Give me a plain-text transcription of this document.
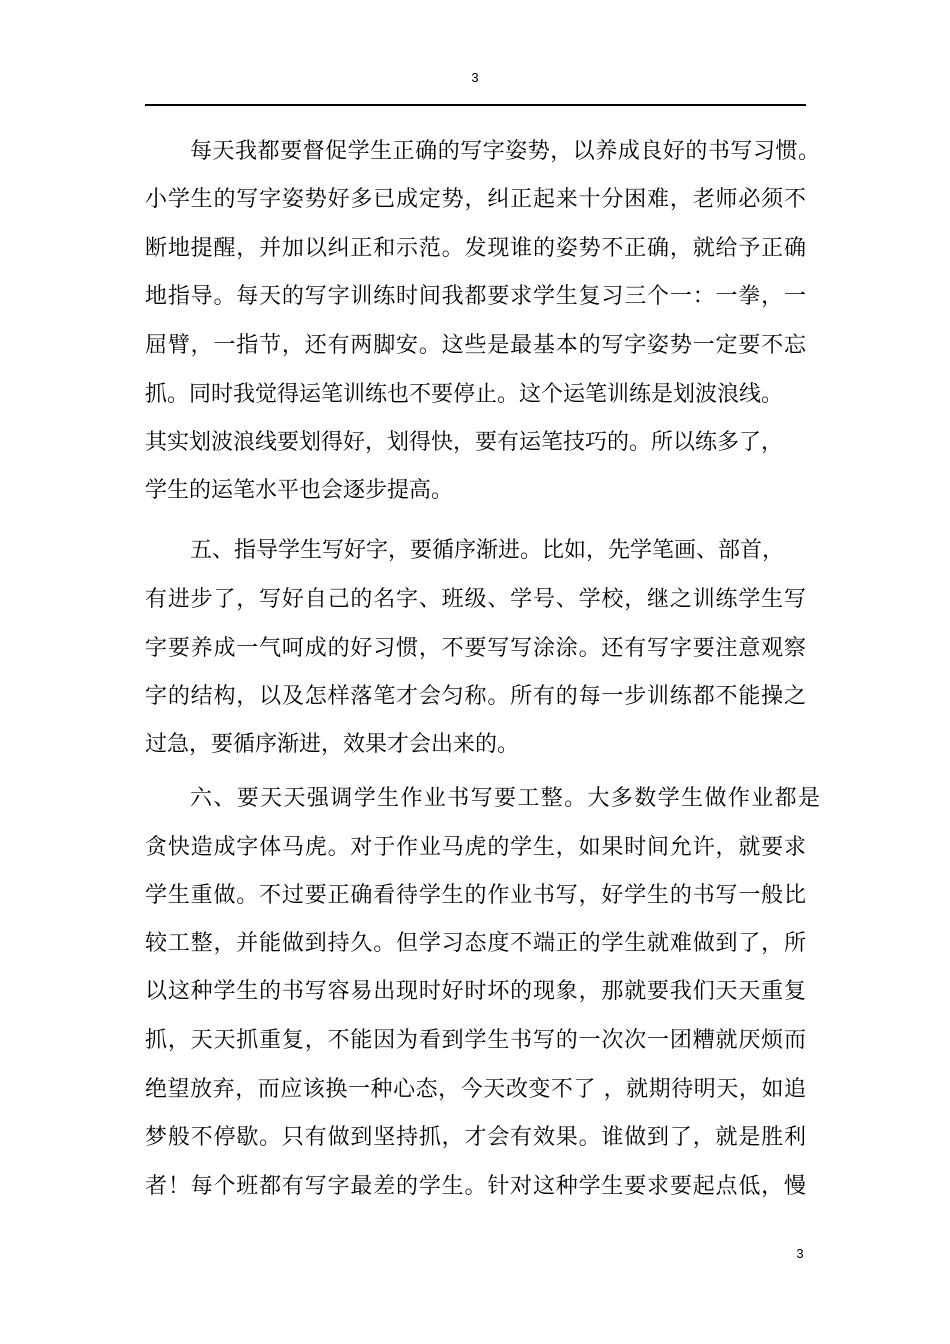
3
每天我都要督促学生正确的写字姿势，以养成良好的书写习惯。
小学生的写字姿势好多已成定势，纠正起来十分困难，老师必须不
断地提醒，并加以纠正和示范。发现谁的姿势不正确，就给予正确
地指导。每天的写字训练时间我都要求学生复习三个一：一拳，一
屈臂，一指节，还有两脚安。这些是最基本的写字姿势一定要不忘
抓。同时我觉得运笔训练也不要停止。这个运笔训练是划波浪线。
其实划波浪线要划得好，划得快，要有运笔技巧的。所以练多了，
学生的运笔水平也会逐步提高。
五、指导学生写好字，要循序渐进。比如，先学笔画、部首，
有进步了，写好自己的名字、班级、学号、学校，继之训练学生写
字要养成一气呵成的好习惯，不要写写涂涂。还有写字要注意观察
字的结构，以及怎样落笔才会匀称。所有的每一步训练都不能操之
过急，要循序渐进，效果才会出来的。
六、要天天强调学生作业书写要工整。大多数学生做作业都是
贪快造成字体马虎。对于作业马虎的学生，如果时间允许，就要求
学生重做。不过要正确看待学生的作业书写，好学生的书写一般比
较工整，并能做到持久。但学习态度不端正的学生就难做到了，所
以这种学生的书写容易出现时好时坏的现象，那就要我们天天重复
抓，天天抓重复，不能因为看到学生书写的一次次一团糟就厌烦而
绝望放弃，而应该换一种心态，今天改变不了 ，就期待明天，如追
梦般不停歇。只有做到坚持抓，才会有效果。谁做到了，就是胜利
者！每个班都有写字最差的学生。针对这种学生要求要起点低，慢
3
